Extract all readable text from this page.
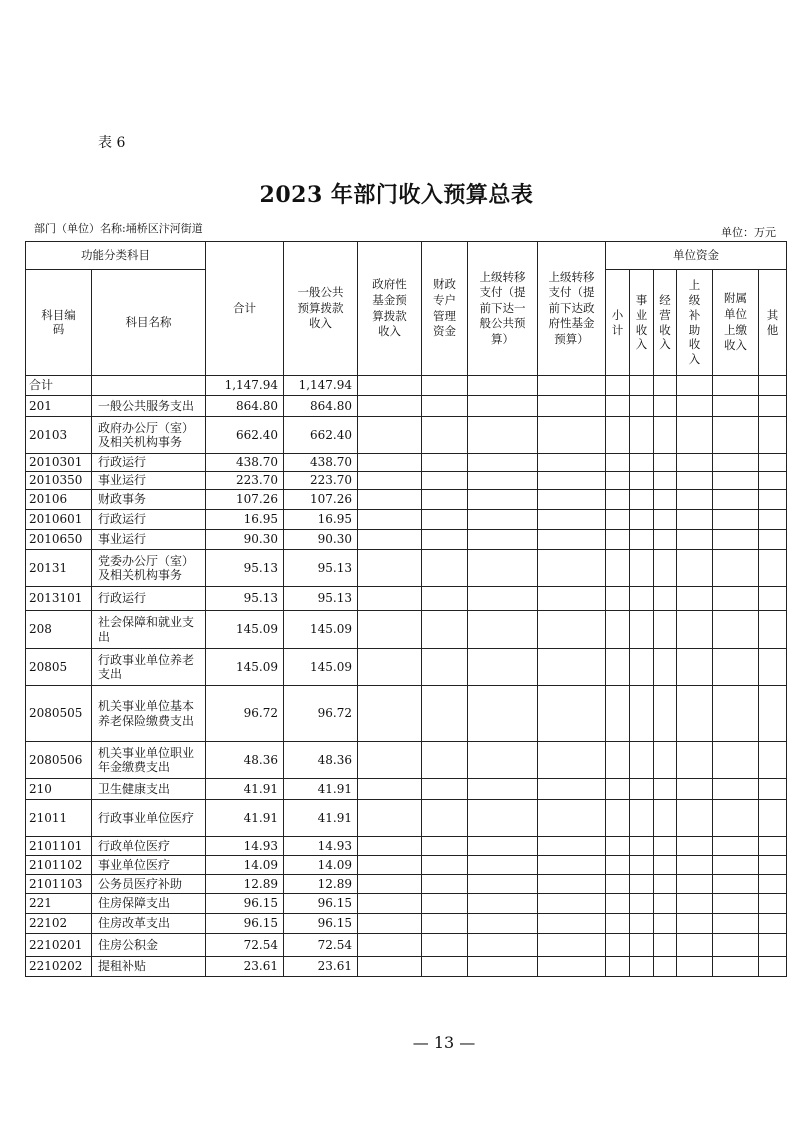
表 6
2023 年部门收入预算总表
部门（单位）名称:埇桥区汴河街道	单位：万元
功能分类科目		合计	一般公共预算拨款收入	政府性基金预算拨款收入	财政专户管理资金	上级转移支付（提前下达一般公共预算）	上级转移支付（提前下达政府性基金预算）	单位资金					

科目编码	科目名称							小计	事业收入	经营收入	上级补助收入	附属单位上缴收入	其他

合计		1,147.94	1,147.94										
201	一般公共服务支出	864.80	864.80										
20103	政府办公厅（室）及相关机构事务	662.40	662.40										
2010301	行政运行	438.70	438.70										
2010350	事业运行	223.70	223.70										
20106	财政事务	107.26	107.26										
2010601	行政运行	16.95	16.95										
2010650	事业运行	90.30	90.30										
20131	党委办公厅（室）及相关机构事务	95.13	95.13										
2013101	行政运行	95.13	95.13										
208	社会保障和就业支出	145.09	145.09										
20805	行政事业单位养老支出	145.09	145.09										
2080505	机关事业单位基本养老保险缴费支出	96.72	96.72										
2080506	机关事业单位职业年金缴费支出	48.36	48.36										
210	卫生健康支出	41.91	41.91										
21011	行政事业单位医疗	41.91	41.91										
2101101	行政单位医疗	14.93	14.93										
2101102	事业单位医疗	14.09	14.09										
2101103	公务员医疗补助	12.89	12.89										
221	住房保障支出	96.15	96.15										
22102	住房改革支出	96.15	96.15										
2210201	住房公积金	72.54	72.54										
2210202	提租补贴	23.61	23.61										
— 13 —
